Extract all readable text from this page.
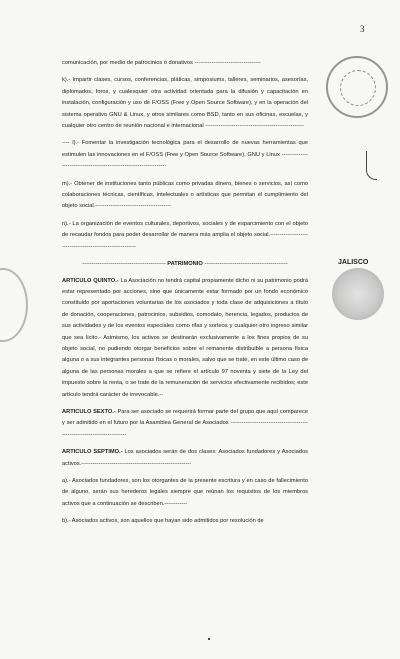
3
JALISCO

comunicación, por medio de patrocinios o donativos -----------------------------------

k).- Impartir clases, cursos, conferencias, pláticas, simposiums, talleres, seminarios, asesorías, diplomados, foros, y cualesquier otra actividad orientada para la difusión y capacitación en instalación, configuración y uso de F/OSS (Free y Open Source Software), y en la operación del sistema operativo GNU & Linux, y otros similares como BSD, tanto en sus oficinas, escuelas, y cualquier otro centro de reunión nacional e internacional ----------------------------------------------------

---- l).- Fomentar la investigación tecnológica para el desarrollo de nuevas herramientas que estimulen las innovaciones en el F/OSS (Free y Open Source Software), GNU y Linux ---------------------------------------------------------------------

m).- Obtener de instituciones tanto públicas como privadas dinero, bienes o servicios, así como colaboraciones técnicas, científicas, intelectuales o artísticas que permitan el cumplimiento del objeto social.----------------------------------------

n).- La organización de eventos culturales, deportivos, sociales y de esparcimiento con el objeto de recaudar fondos para poder desarrollar de manera más amplia el objeto social.-----------------------------------------------------------

-------------------------------------------- PATRIMONIO --------------------------------------------

ARTICULO QUINTO.- La Asociación no tendrá capital propiamente dicho ni su patrimonio podrá estar representado por acciones, sino que únicamente estar formado por un fondo económico constituido por aportaciones voluntarias de los asociados y toda clase de adquisiciones a título de donación, cooperaciones, patrocinios, subsidios, comodato, herencia, legados, productos de sus actividades y de los eventos especiales como rifas y sorteos y cualquier otro ingreso similar que sea lícito.- Asimismo, los activos se destinarán exclusivamente a los fines propios de su objeto social, no pudiendo otorgar beneficios sobre el remanente distribuible a persona física alguna o a sus integrantes personas físicas o morales, salvo que se trate, en este último caso de alguna de las personas morales a que se refiere el artículo 97 noventa y siete de la Ley del impuesto sobre la renta, o se trate de la remuneración de servicios efectivamente recibidos; este artículo tendrá carácter de irrevocable.--

ARTICULO SEXTO.- Para ser asociado se requerirá formar parte del grupo que aquí comparece y ser admitido en el futuro por la Asamblea General de Asociados ---------------------------------------------------------------------------

ARTICULO SEPTIMO.- Los asociados serán de dos clases: Asociados fundadores y Asociados activos.----------------------------------------------------------

a).- Asociados fundadores, son los otorgantes de la presente escritura y en caso de fallecimiento de alguno, serán sus herederos legales siempre que reúnan los requisitos de los miembros activos que a continuación se describen.------------

b).- Asociados activos, son aquellos que hayan sido admitidos por resolución de
